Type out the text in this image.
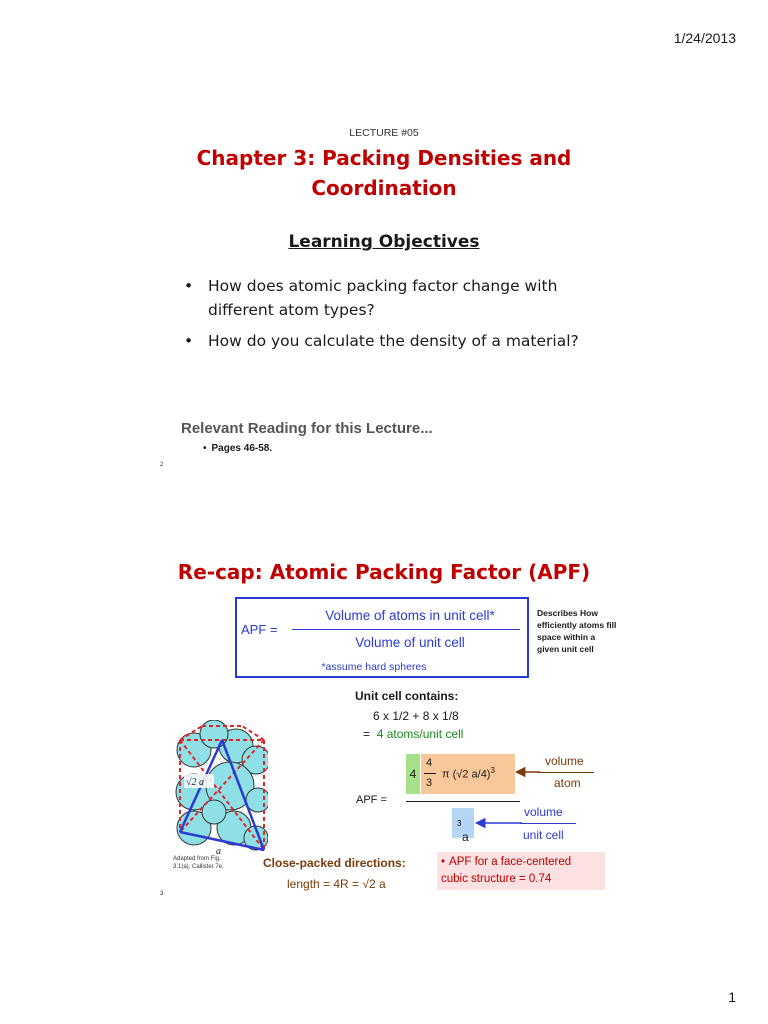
1/24/2013
LECTURE #05
Chapter 3: Packing Densities and Coordination
Learning Objectives
• How does atomic packing factor change with different atom types?
• How do you calculate the density of a material?
Relevant Reading for this Lecture...
• Pages 46-58.
2
Re-cap: Atomic Packing Factor (APF)
APF =
Volume of atoms in unit cell*
Volume of unit cell
*assume hard spheres
Describes How efficiently atoms fill space within a given unit cell
Unit cell contains:
6 x 1/2 + 8 x 1/8
= 4 atoms/unit cell
4
4
3
π (√2 a/4)$^3$
APF =
a
$^3$
volume
atom
volume
unit cell
√2 a
a
Adapted from Fig. 3.1(a), Callister 7e.	Close-packed directions:
length = 4R = √2 a
• APF for a face-centered cubic structure = 0.74
3
1
